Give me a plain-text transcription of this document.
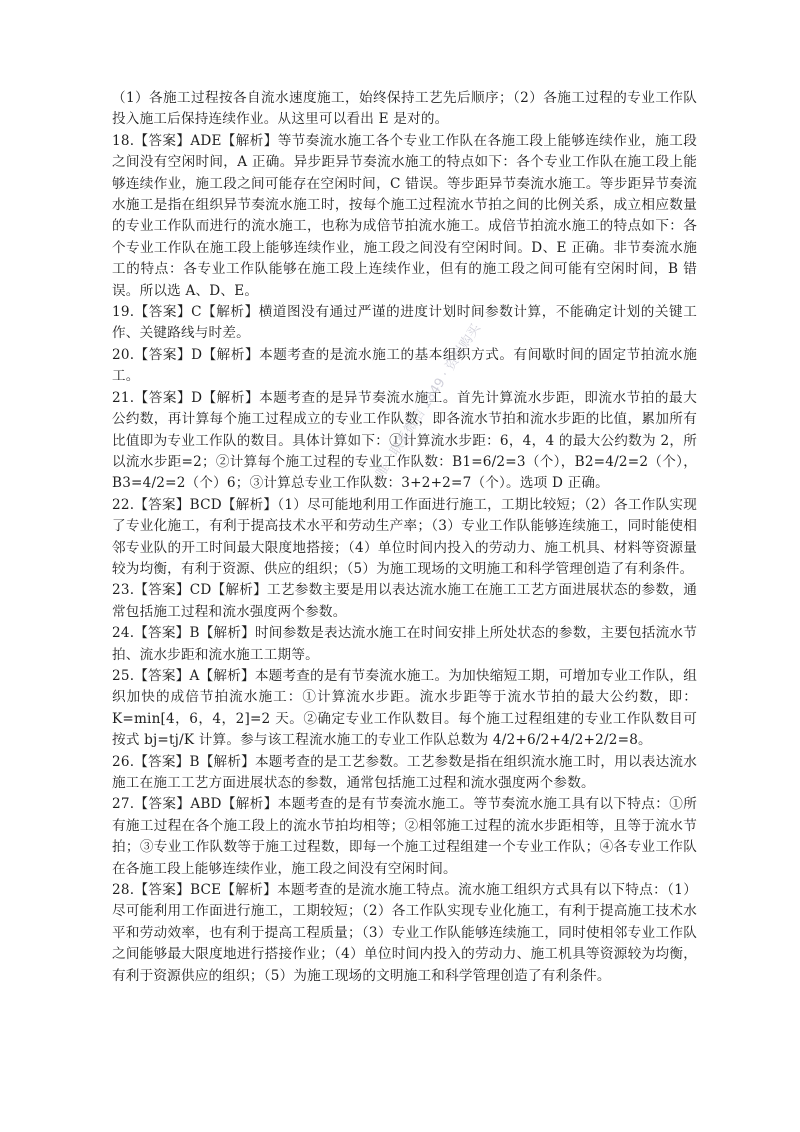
（1）各施工过程按各自流水速度施工，始终保持工艺先后顺序；（2）各施工过程的专业工作队投入施工后保持连续作业。从这里可以看出 E 是对的。

18.【答案】ADE【解析】等节奏流水施工各个专业工作队在各施工段上能够连续作业，施工段之间没有空闲时间，A 正确。异步距异节奏流水施工的特点如下：各个专业工作队在施工段上能够连续作业，施工段之间可能存在空闲时间，C 错误。等步距异节奏流水施工。等步距异节奏流水施工是指在组织异节奏流水施工时，按每个施工过程流水节拍之间的比例关系，成立相应数量的专业工作队而进行的流水施工，也称为成倍节拍流水施工。成倍节拍流水施工的特点如下：各个专业工作队在施工段上能够连续作业，施工段之间没有空闲时间。D、E 正确。非节奏流水施工的特点：各专业工作队能够在施工段上连续作业，但有的施工段之间可能有空闲时间，B 错误。所以选 A、D、E。

19.【答案】C【解析】横道图没有通过严谨的进度计划时间参数计算，不能确定计划的关键工作、关键路线与时差。

20.【答案】D【解析】本题考查的是流水施工的基本组织方式。有间歇时间的固定节拍流水施工。

21.【答案】D【解析】本题考查的是异节奏流水施工。首先计算流水步距，即流水节拍的最大公约数，再计算每个施工过程成立的专业工作队数，即各流水节拍和流水步距的比值，累加所有比值即为专业工作队的数目。具体计算如下：①计算流水步距：6，4，4 的最大公约数为 2，所以流水步距=2；②计算每个施工过程的专业工作队数：B1=6/2=3（个），B2=4/2=2（个），B3=4/2=2（个）6；③计算总专业工作队数：3+2+2=7（个）。选项 D 正确。

22.【答案】BCD【解析】（1）尽可能地利用工作面进行施工，工期比较短；（2）各工作队实现了专业化施工，有利于提高技术水平和劳动生产率；（3）专业工作队能够连续施工，同时能使相邻专业队的开工时间最大限度地搭接；（4）单位时间内投入的劳动力、施工机具、材料等资源量较为均衡，有利于资源、供应的组织；（5）为施工现场的文明施工和科学管理创造了有利条件。

23.【答案】CD【解析】工艺参数主要是用以表达流水施工在施工工艺方面进展状态的参数，通常包括施工过程和流水强度两个参数。

24.【答案】B【解析】时间参数是表达流水施工在时间安排上所处状态的参数，主要包括流水节拍、流水步距和流水施工工期等。

25.【答案】A【解析】本题考查的是有节奏流水施工。为加快缩短工期，可增加专业工作队，组织加快的成倍节拍流水施工：①计算流水步距。流水步距等于流水节拍的最大公约数，即：K=min[4，6，4，2]=2 天。②确定专业工作队数目。每个施工过程组建的专业工作队数目可按式 bj=tj/K 计算。参与该工程流水施工的专业工作队总数为 4/2+6/2+4/2+2/2=8。

26.【答案】B【解析】本题考查的是工艺参数。工艺参数是指在组织流水施工时，用以表达流水施工在施工工艺方面进展状态的参数，通常包括施工过程和流水强度两个参数。

27.【答案】ABD【解析】本题考查的是有节奏流水施工。等节奏流水施工具有以下特点：①所有施工过程在各个施工段上的流水节拍均相等；②相邻施工过程的流水步距相等，且等于流水节拍；③专业工作队数等于施工过程数，即每一个施工过程组建一个专业工作队；④各专业工作队在各施工段上能够连续作业，施工段之间没有空闲时间。

28.【答案】BCE【解析】本题考查的是流水施工特点。流水施工组织方式具有以下特点：（1）尽可能利用工作面进行施工，工期较短；（2）各工作队实现专业化施工，有利于提高施工技术水平和劳动效率，也有利于提高工程质量；（3）专业工作队能够连续施工，同时使相邻专业工作队之间能够最大限度地进行搭接作业；（4）单位时间内投入的劳动力、施工机具等资源较为均衡，有利于资源供应的组织；（5）为施工现场的文明施工和科学管理创造了有利条件。

唯一联系微信 1849 · 资料购买
